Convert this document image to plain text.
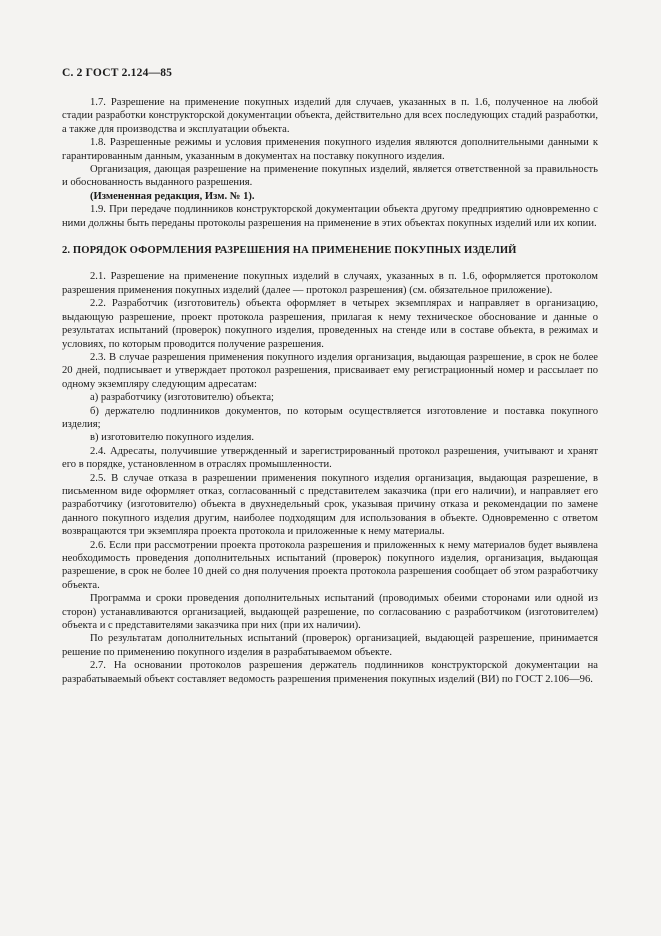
С. 2 ГОСТ 2.124—85

1.7. Разрешение на применение покупных изделий для случаев, указанных в п. 1.6, полученное на любой стадии разработки конструкторской документации объекта, действительно для всех последующих стадий разработки, а также для производства и эксплуатации объекта.

1.8. Разрешенные режимы и условия применения покупного изделия являются дополнительными данными к гарантированным данным, указанным в документах на поставку покупного изделия.

Организация, дающая разрешение на применение покупных изделий, является ответственной за правильность и обоснованность выданного разрешения.

(Измененная редакция, Изм. № 1).

1.9. При передаче подлинников конструкторской документации объекта другому предприятию одновременно с ними должны быть переданы протоколы разрешения на применение в этих объектах покупных изделий или их копии.

2. ПОРЯДОК ОФОРМЛЕНИЯ РАЗРЕШЕНИЯ НА ПРИМЕНЕНИЕ ПОКУПНЫХ ИЗДЕЛИЙ

2.1. Разрешение на применение покупных изделий в случаях, указанных в п. 1.6, оформляется протоколом разрешения применения покупных изделий (далее — протокол разрешения) (см. обязательное приложение).

2.2. Разработчик (изготовитель) объекта оформляет в четырех экземплярах и направляет в организацию, выдающую разрешение, проект протокола разрешения, прилагая к нему техническое обоснование и данные о результатах испытаний (проверок) покупного изделия, проведенных на стенде или в составе объекта, в режимах и условиях, по которым проводится получение разрешения.

2.3. В случае разрешения применения покупного изделия организация, выдающая разрешение, в срок не более 20 дней, подписывает и утверждает протокол разрешения, присваивает ему регистрационный номер и рассылает по одному экземпляру следующим адресатам:

а) разработчику (изготовителю) объекта;

б) держателю подлинников документов, по которым осуществляется изготовление и поставка покупного изделия;

в) изготовителю покупного изделия.

2.4. Адресаты, получившие утвержденный и зарегистрированный протокол разрешения, учитывают и хранят его в порядке, установленном в отраслях промышленности.

2.5. В случае отказа в разрешении применения покупного изделия организация, выдающая разрешение, в письменном виде оформляет отказ, согласованный с представителем заказчика (при его наличии), и направляет его разработчику (изготовителю) объекта в двухнедельный срок, указывая причину отказа и рекомендации по замене данного покупного изделия другим, наиболее подходящим для использования в объекте. Одновременно с ответом возвращаются три экземпляра проекта протокола и приложенные к нему материалы.

2.6. Если при рассмотрении проекта протокола разрешения и приложенных к нему материалов будет выявлена необходимость проведения дополнительных испытаний (проверок) покупного изделия, организация, выдающая разрешение, в срок не более 10 дней со дня получения проекта протокола разрешения сообщает об этом разработчику объекта.

Программа и сроки проведения дополнительных испытаний (проводимых обеими сторонами или одной из сторон) устанавливаются организацией, выдающей разрешение, по согласованию с разработчиком (изготовителем) объекта и с представителями заказчика при них (при их наличии).

По результатам дополнительных испытаний (проверок) организацией, выдающей разрешение, принимается решение по применению покупного изделия в разрабатываемом объекте.

2.7. На основании протоколов разрешения держатель подлинников конструкторской документации на разрабатываемый объект составляет ведомость разрешения применения покупных изделий (ВИ) по ГОСТ 2.106—96.
